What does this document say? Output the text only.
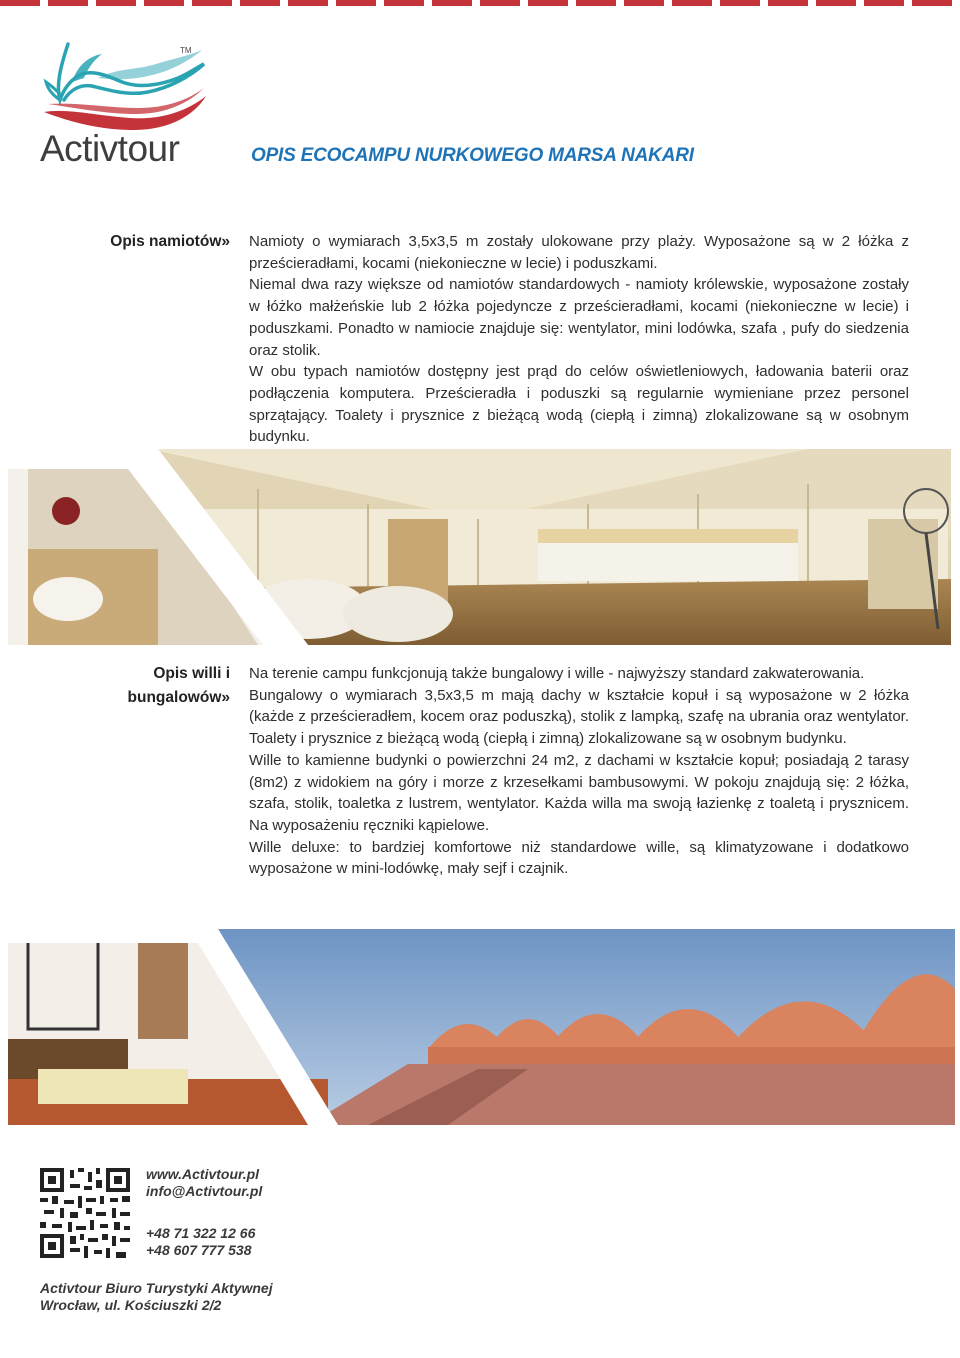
TM
Activtour	OPIS ECOCAMPU NURKOWEGO MARSA NAKARI
Opis namiotów» Namioty o wymiarach 3,5x3,5 m zostały ulokowane przy plaży. Wyposażone są w 2 łóżka z prześcieradłami, kocami (niekonieczne w lecie) i poduszkami.

Niemal dwa razy większe od namiotów standardowych - namioty królewskie, wyposażone zostały w łóżko małżeńskie lub 2 łóżka pojedyncze z prześcieradłami, kocami (niekonieczne w lecie) i poduszkami. Ponadto w namiocie znajduje się: wentylator, mini lodówka, szafa , pufy do siedzenia oraz stolik.

W obu typach namiotów dostępny jest prąd do celów oświetleniowych, ładowania baterii oraz podłączenia komputera. Prześcieradła i poduszki są regularnie wymieniane przez personel sprzątający. Toalety i prysznice z bieżącą wodą (ciepłą i zimną) zlokalizowane są w osobnym budynku.

Opis willi i
bungalowów»

Na terenie campu funkcjonują także bungalowy i wille - najwyższy standard zakwaterowania.

Bungalowy o wymiarach 3,5x3,5 m mają dachy w kształcie kopuł i są wyposażone w 2 łóżka (każde z prześcieradłem, kocem oraz poduszką), stolik z lampką, szafę na ubrania oraz wentylator. Toalety i prysznice z bieżącą wodą (ciepłą i zimną) zlokalizowane są w osobnym budynku.

Wille to kamienne budynki o powierzchni 24 m2, z dachami w kształcie kopuł; posiadają 2 tarasy (8m2) z widokiem na góry i morze z krzesełkami bambusowymi. W pokoju znajdują się: 2 łóżka, szafa, stolik, toaletka z lustrem, wentylator. Każda willa ma swoją łazienkę z toaletą i prysznicem. Na wyposażeniu ręczniki kąpielowe.

Wille deluxe: to bardziej komfortowe niż standardowe wille, są klimatyzowane i dodatkowo wyposażone w mini-lodówkę, mały sejf i czajnik.

www.Activtour.pl
info@Activtour.pl
+48 71 322 12 66
+48 607 777 538
Activtour Biuro Turystyki Aktywnej
Wrocław, ul. Kościuszki 2/2
